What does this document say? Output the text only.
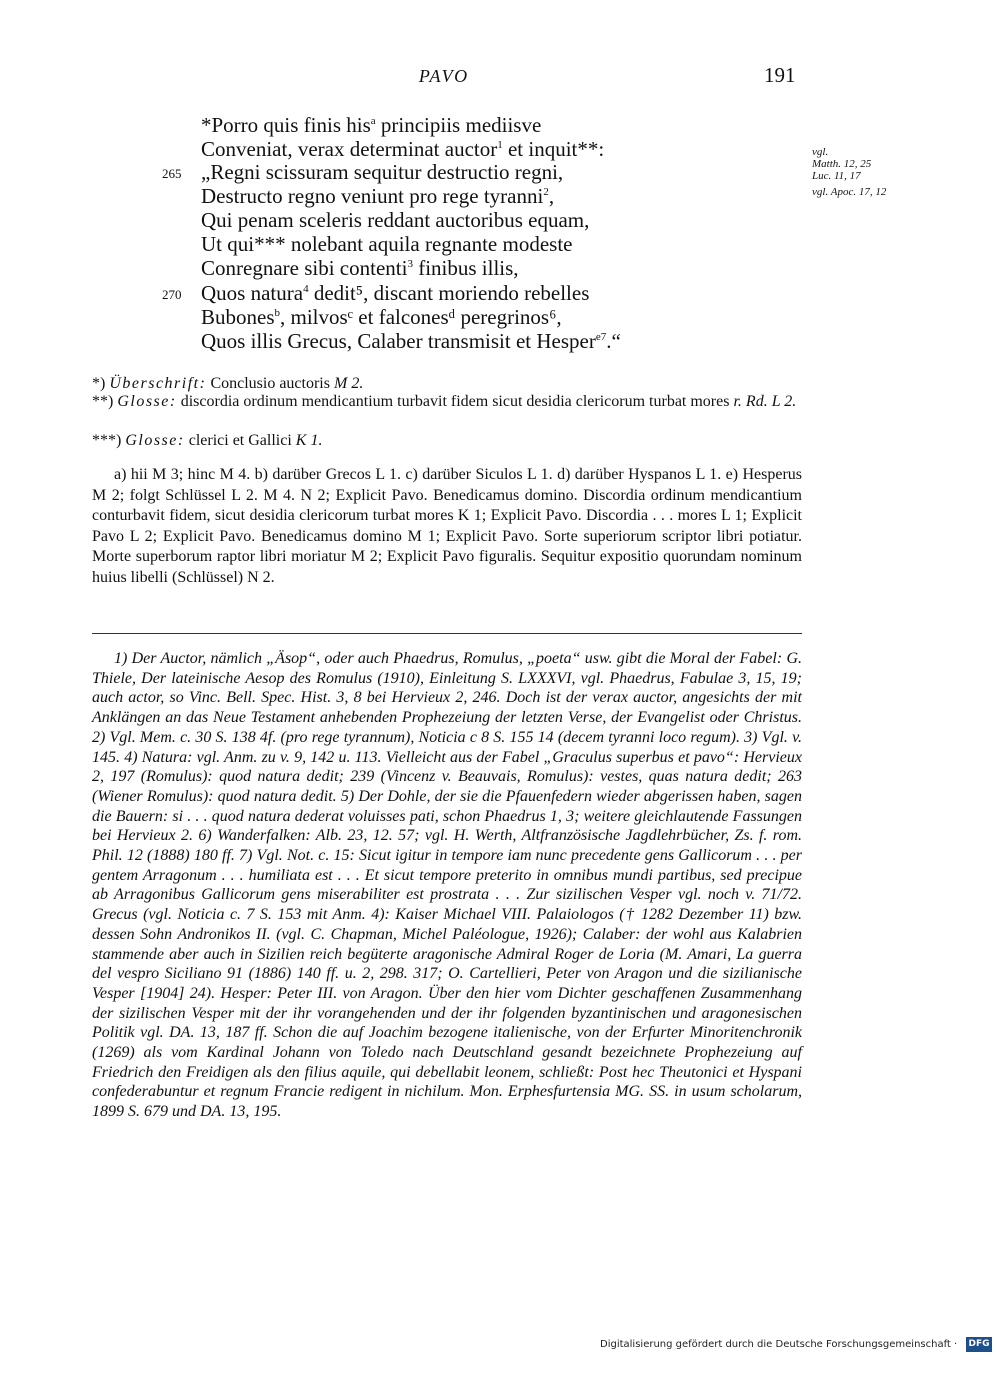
PAVO	191
*Porro quis finis his$^a$ principiis mediisve
Conveniat, verax determinat auctor$^1$ et inquit**:
265 „Regni scissuram sequitur destructio regni,
Destructo regno veniunt pro rege tyranni$^2$,
Qui penam sceleris reddant auctoribus equam,
Ut qui*** nolebant aquila regnante modeste
Conregnare sibi contenti$^3$ finibus illis,
270 Quos natura$^4$ dedit⁵, discant moriendo rebelles
Bubones$^b$, milvosᶜ et falconesᵈ peregrinos⁶,
Quos illis Grecus, Calaber transmisit et Hesper$^{e7}$.“
vgl.
Matth. 12, 25
Luc. 11, 17
vgl. Apoc. 17, 12
*) Überschrift: Conclusio auctoris M 2.
**) Glosse: discordia ordinum mendicantium turbavit fidem sicut desidia clericorum turbat mores r. Rd. L 2.
***) Glosse: clerici et Gallici K 1.
a) hii M 3; hinc M 4. b) darüber Grecos L 1. c) darüber Siculos L 1. d) darüber Hyspanos L 1. e) Hesperus M 2; folgt Schlüssel L 2. M 4. N 2; Explicit Pavo. Benedicamus domino. Discordia ordinum mendicantium conturbavit fidem, sicut desidia clericorum turbat mores K 1; Explicit Pavo. Discordia . . . mores L 1; Explicit Pavo L 2; Explicit Pavo. Benedicamus domino M 1; Explicit Pavo. Sorte superiorum scriptor libri potiatur. Morte superborum raptor libri moriatur M 2; Explicit Pavo figuralis. Sequitur expositio quorundam nominum huius libelli (Schlüssel) N 2.
1) Der Auctor, nämlich „Äsop“, oder auch Phaedrus, Romulus, „poeta“ usw. gibt die Moral der Fabel: G. Thiele, Der lateinische Aesop des Romulus (1910), Einleitung S. LXXXVI, vgl. Phaedrus, Fabulae 3, 15, 19; auch actor, so Vinc. Bell. Spec. Hist. 3, 8 bei Hervieux 2, 246. Doch ist der verax auctor, angesichts der mit Anklängen an das Neue Testament anhebenden Prophezeiung der letzten Verse, der Evangelist oder Christus. 2) Vgl. Mem. c. 30 S. 138 4f. (pro rege tyrannum), Noticia c 8 S. 155 14 (decem tyranni loco regum). 3) Vgl. v. 145. 4) Natura: vgl. Anm. zu v. 9, 142 u. 113. Vielleicht aus der Fabel „Graculus superbus et pavo“: Hervieux 2, 197 (Romulus): quod natura dedit; 239 (Vincenz v. Beauvais, Romulus): vestes, quas natura dedit; 263 (Wiener Romulus): quod natura dedit. 5) Der Dohle, der sie die Pfauenfedern wieder abgerissen haben, sagen die Bauern: si . . . quod natura dederat voluisses pati, schon Phaedrus 1, 3; weitere gleichlautende Fassungen bei Hervieux 2. 6) Wanderfalken: Alb. 23, 12. 57; vgl. H. Werth, Altfranzösische Jagdlehrbücher, Zs. f. rom. Phil. 12 (1888) 180 ff. 7) Vgl. Not. c. 15: Sicut igitur in tempore iam nunc precedente gens Gallicorum . . . per gentem Arragonum . . . humiliata est . . . Et sicut tempore preterito in omnibus mundi partibus, sed precipue ab Arragonibus Gallicorum gens miserabiliter est prostrata . . . Zur sizilischen Vesper vgl. noch v. 71/72. Grecus (vgl. Noticia c. 7 S. 153 mit Anm. 4): Kaiser Michael VIII. Palaiologos († 1282 Dezember 11) bzw. dessen Sohn Andronikos II. (vgl. C. Chapman, Michel Paléologue, 1926); Calaber: der wohl aus Kalabrien stammende aber auch in Sizilien reich begüterte aragonische Admiral Roger de Loria (M. Amari, La guerra del vespro Siciliano 91 (1886) 140 ff. u. 2, 298. 317; O. Cartellieri, Peter von Aragon und die sizilianische Vesper [1904] 24). Hesper: Peter III. von Aragon. Über den hier vom Dichter geschaffenen Zusammenhang der sizilischen Vesper mit der ihr vorangehenden und der ihr folgenden byzantinischen und aragonesischen Politik vgl. DA. 13, 187 ff. Schon die auf Joachim bezogene italienische, von der Erfurter Minoritenchronik (1269) als vom Kardinal Johann von Toledo nach Deutschland gesandt bezeichnete Prophezeiung auf Friedrich den Freidigen als den filius aquile, qui debellabit leonem, schließt: Post hec Theutonici et Hyspani confederabuntur et regnum Francie redigent in nichilum. Mon. Erphesfurtensia MG. SS. in usum scholarum, 1899 S. 679 und DA. 13, 195.
Digitalisierung gefördert durch die Deutsche Forschungsgemeinschaft · DFG
